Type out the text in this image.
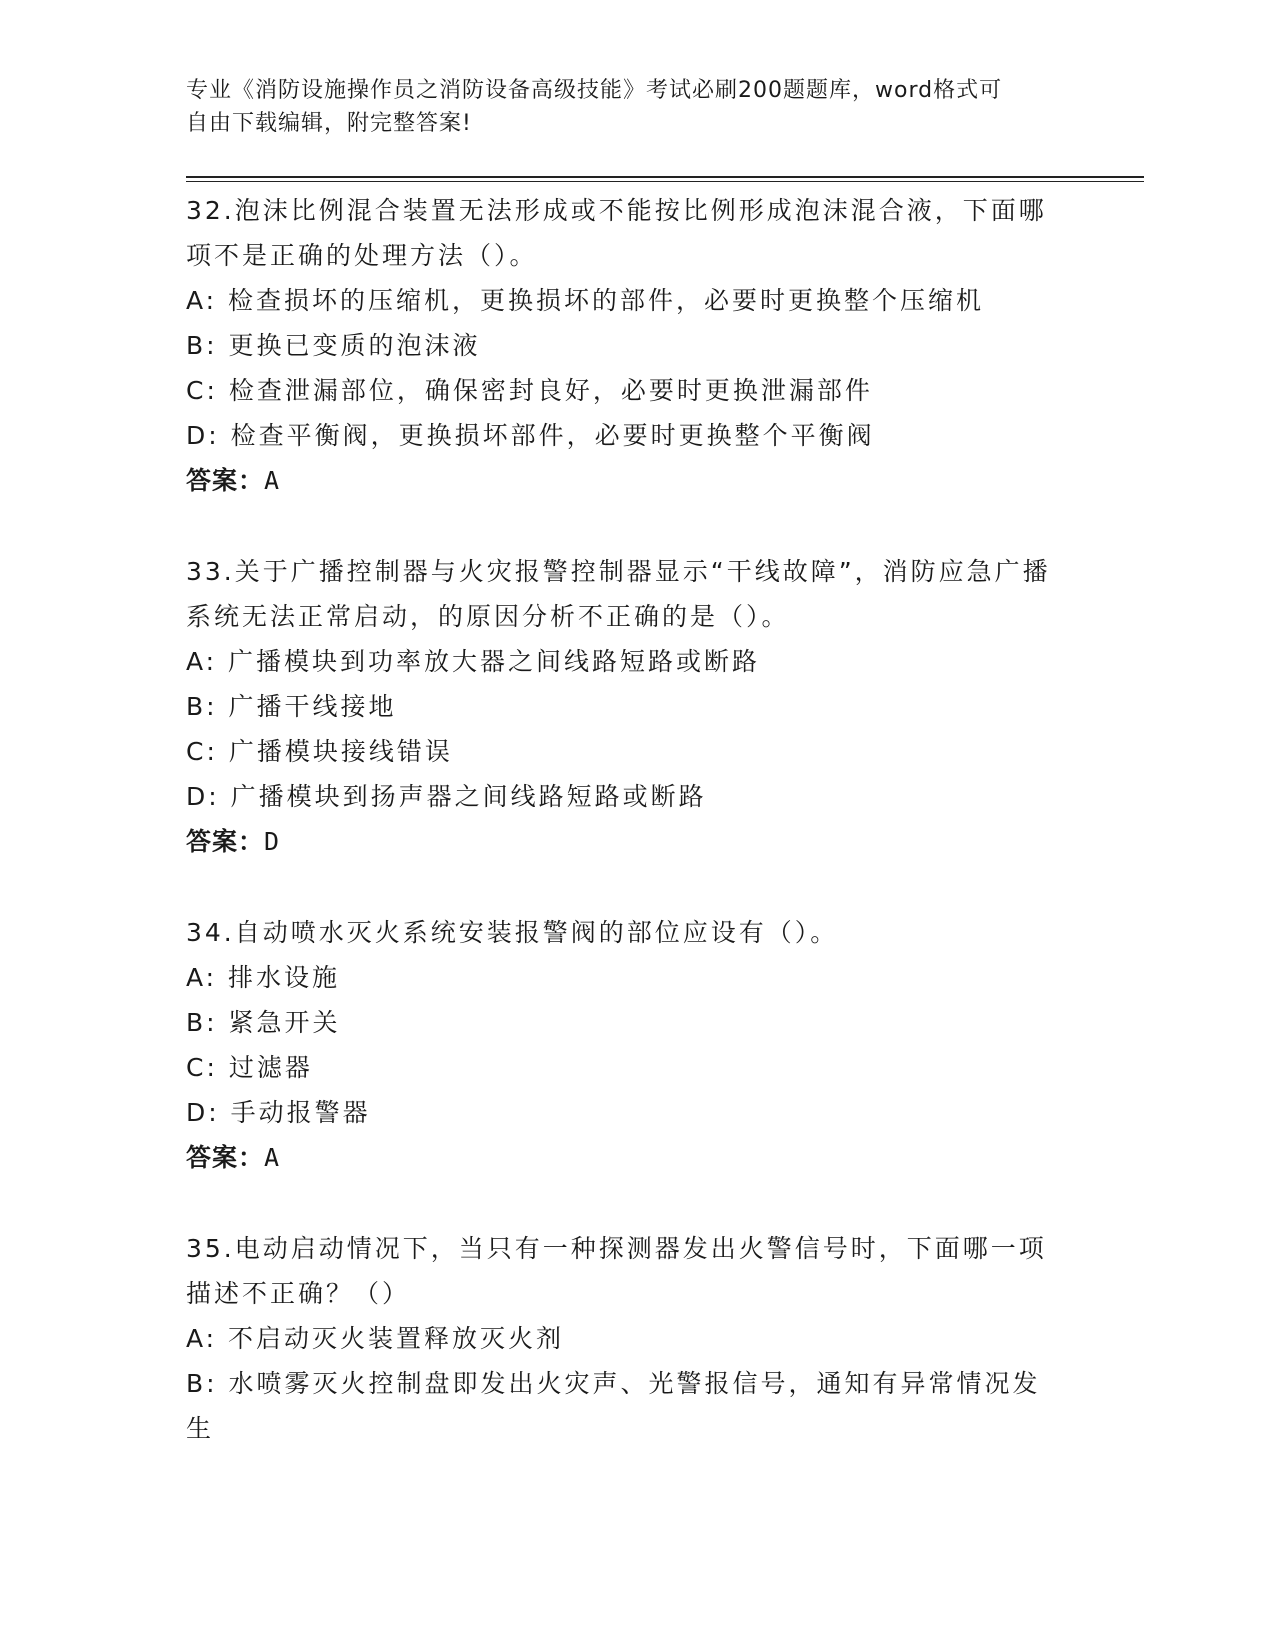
专业《消防设施操作员之消防设备高级技能》考试必刷200题题库，word格式可
自由下载编辑，附完整答案!

32.泡沫比例混合装置无法形成或不能按比例形成泡沫混合液，下面哪项不是正确的处理方法（）。

A: 检查损坏的压缩机，更换损坏的部件，必要时更换整个压缩机

B: 更换已变质的泡沫液

C: 检查泄漏部位，确保密封良好，必要时更换泄漏部件

D: 检查平衡阀，更换损坏部件，必要时更换整个平衡阀

答案：A

33.关于广播控制器与火灾报警控制器显示“干线故障”，消防应急广播系统无法正常启动，的原因分析不正确的是（）。

A: 广播模块到功率放大器之间线路短路或断路

B: 广播干线接地

C: 广播模块接线错误

D: 广播模块到扬声器之间线路短路或断路

答案：D

34.自动喷水灭火系统安装报警阀的部位应设有（）。

A: 排水设施

B: 紧急开关

C: 过滤器

D: 手动报警器

答案：A

35.电动启动情况下，当只有一种探测器发出火警信号时，下面哪一项描述不正确？（）

A: 不启动灭火装置释放灭火剂

B: 水喷雾灭火控制盘即发出火灾声、光警报信号，通知有异常情况发生
